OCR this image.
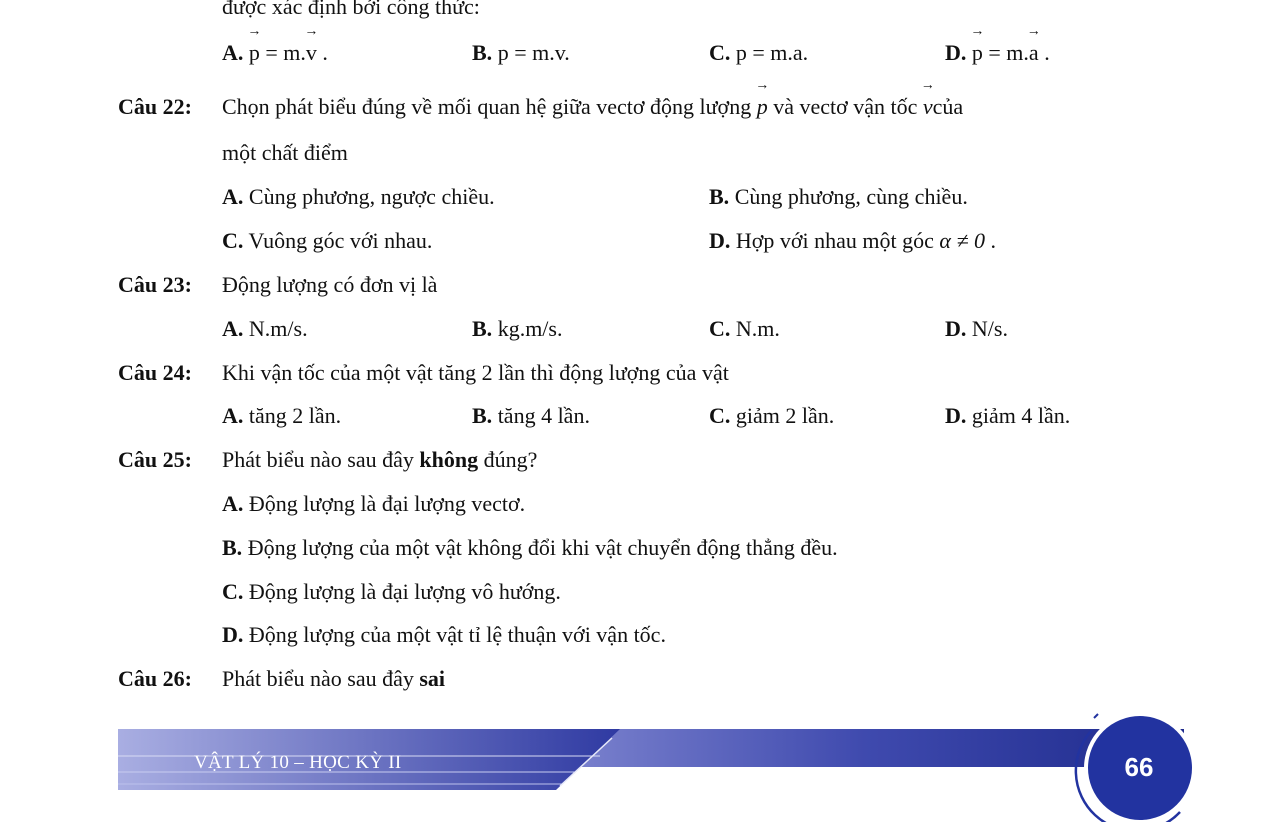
được xác định bởi công thức:
A. → p = m.→ v .	B. p = m.v.	C. p = m.a.	D. → p = m.→ a .
Câu 22: Chọn phát biểu đúng về mối quan hệ giữa vectơ động lượng → p và vectơ vận tốc → vcủa
một chất điểm
A. Cùng phương, ngược chiều.	B. Cùng phương, cùng chiều.
C. Vuông góc với nhau.	D. Hợp với nhau một góc α ≠ 0 .
Câu 23: Động lượng có đơn vị là
A. N.m/s.	B. kg.m/s.	C. N.m.	D. N/s.
Câu 24: Khi vận tốc của một vật tăng 2 lần thì động lượng của vật
A. tăng 2 lần.	B. tăng 4 lần.	C. giảm 2 lần.	D. giảm 4 lần.
Câu 25: Phát biểu nào sau đây không đúng?
A. Động lượng là đại lượng vectơ.
B. Động lượng của một vật không đổi khi vật chuyển động thẳng đều.
C. Động lượng là đại lượng vô hướng.
D. Động lượng của một vật tỉ lệ thuận với vận tốc.
Câu 26: Phát biểu nào sau đây sai
VẬT LÝ 10 – HỌC KỲ II	66
